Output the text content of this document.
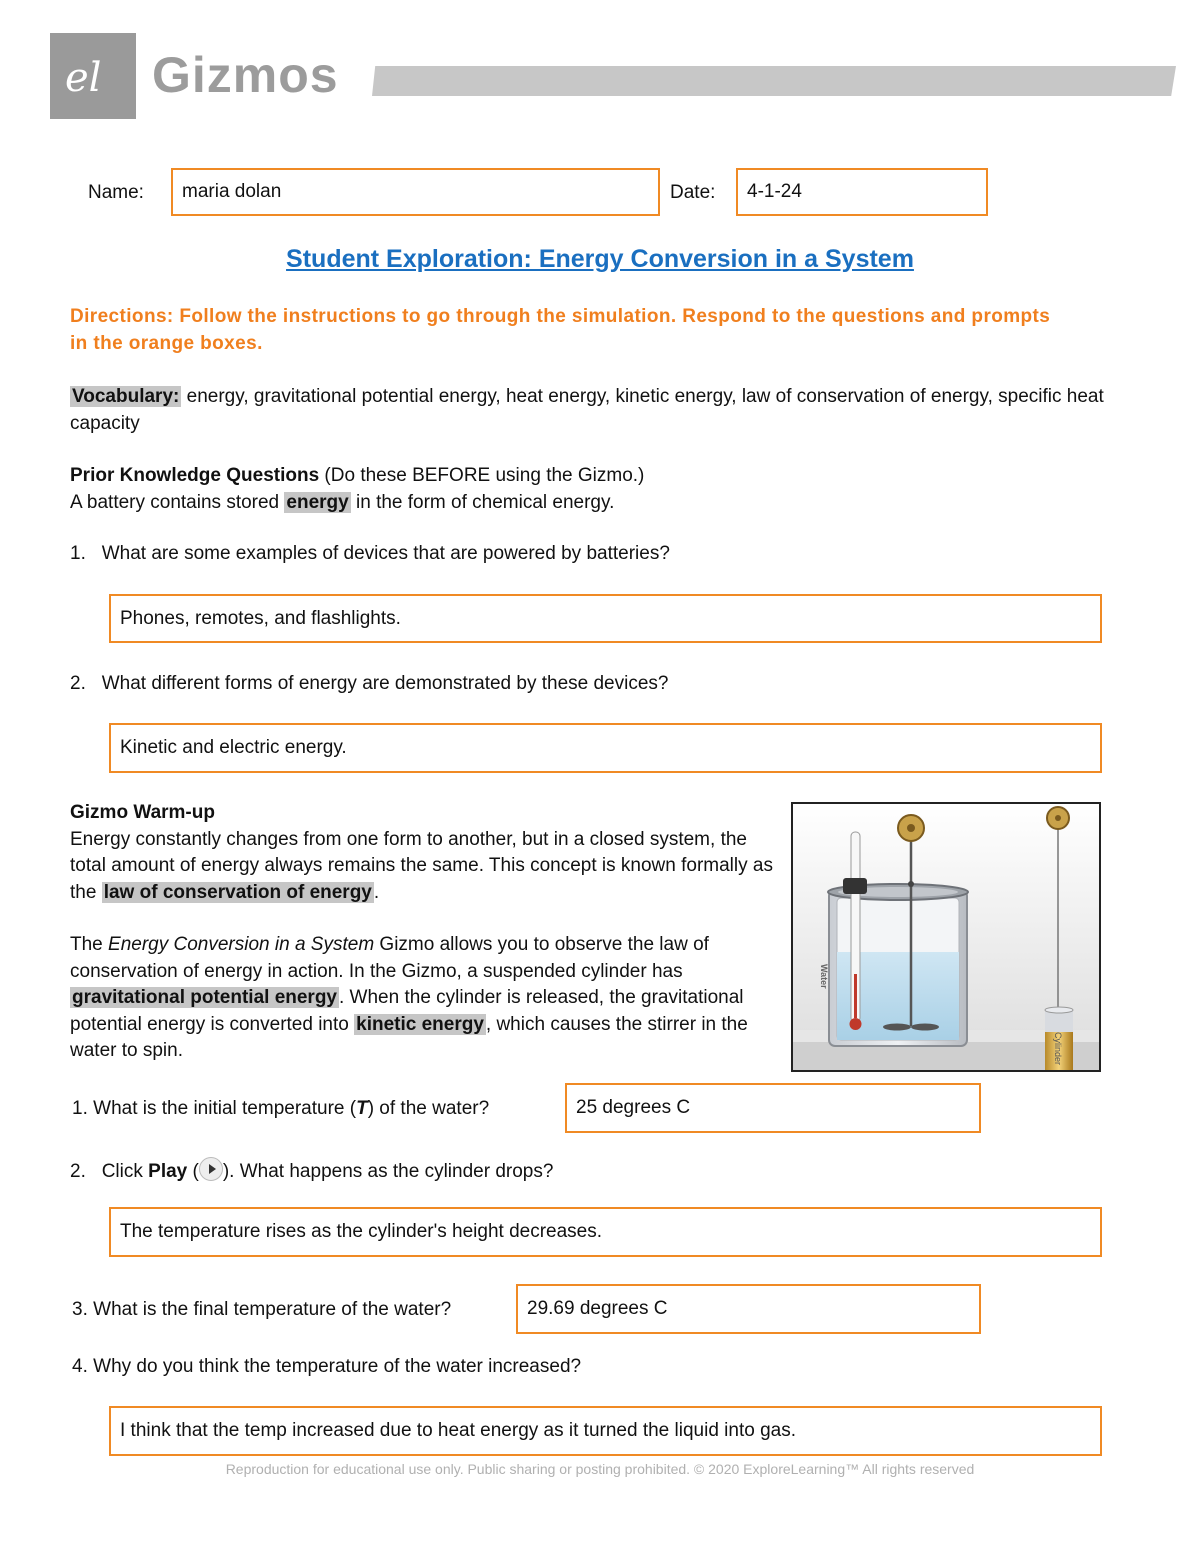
el Gizmos
Name:	maria dolan	Date:	4-1-24
Student Exploration: Energy Conversion in a System
Directions: Follow the instructions to go through the simulation. Respond to the questions and prompts in the orange boxes.
Vocabulary: energy, gravitational potential energy, heat energy, kinetic energy, law of conservation of energy, specific heat capacity
Prior Knowledge Questions (Do these BEFORE using the Gizmo.)
A battery contains stored energy in the form of chemical energy.
1. What are some examples of devices that are powered by batteries?
Phones, remotes, and flashlights.
2. What different forms of energy are demonstrated by these devices?
Kinetic and electric energy.
Gizmo Warm-up
Energy constantly changes from one form to another, but in a closed system, the total amount of energy always remains the same. This concept is known formally as the law of conservation of energy .
The Energy Conversion in a System Gizmo allows you to observe the law of conservation of energy in action. In the Gizmo, a suspended cylinder has gravitational potential energy . When the cylinder is released, the gravitational potential energy is converted into kinetic energy , which causes the stirrer in the water to spin.	Cylinder
Water
1. What is the initial temperature (T) of the water?	25 degrees C
2. Click Play ( ). What happens as the cylinder drops?
The temperature rises as the cylinder's height decreases.
3. What is the final temperature of the water?	29.69 degrees C
4. Why do you think the temperature of the water increased?
I think that the temp increased due to heat energy as it turned the liquid into gas.
Reproduction for educational use only. Public sharing or posting prohibited. © 2020 ExploreLearning™ All rights reserved
